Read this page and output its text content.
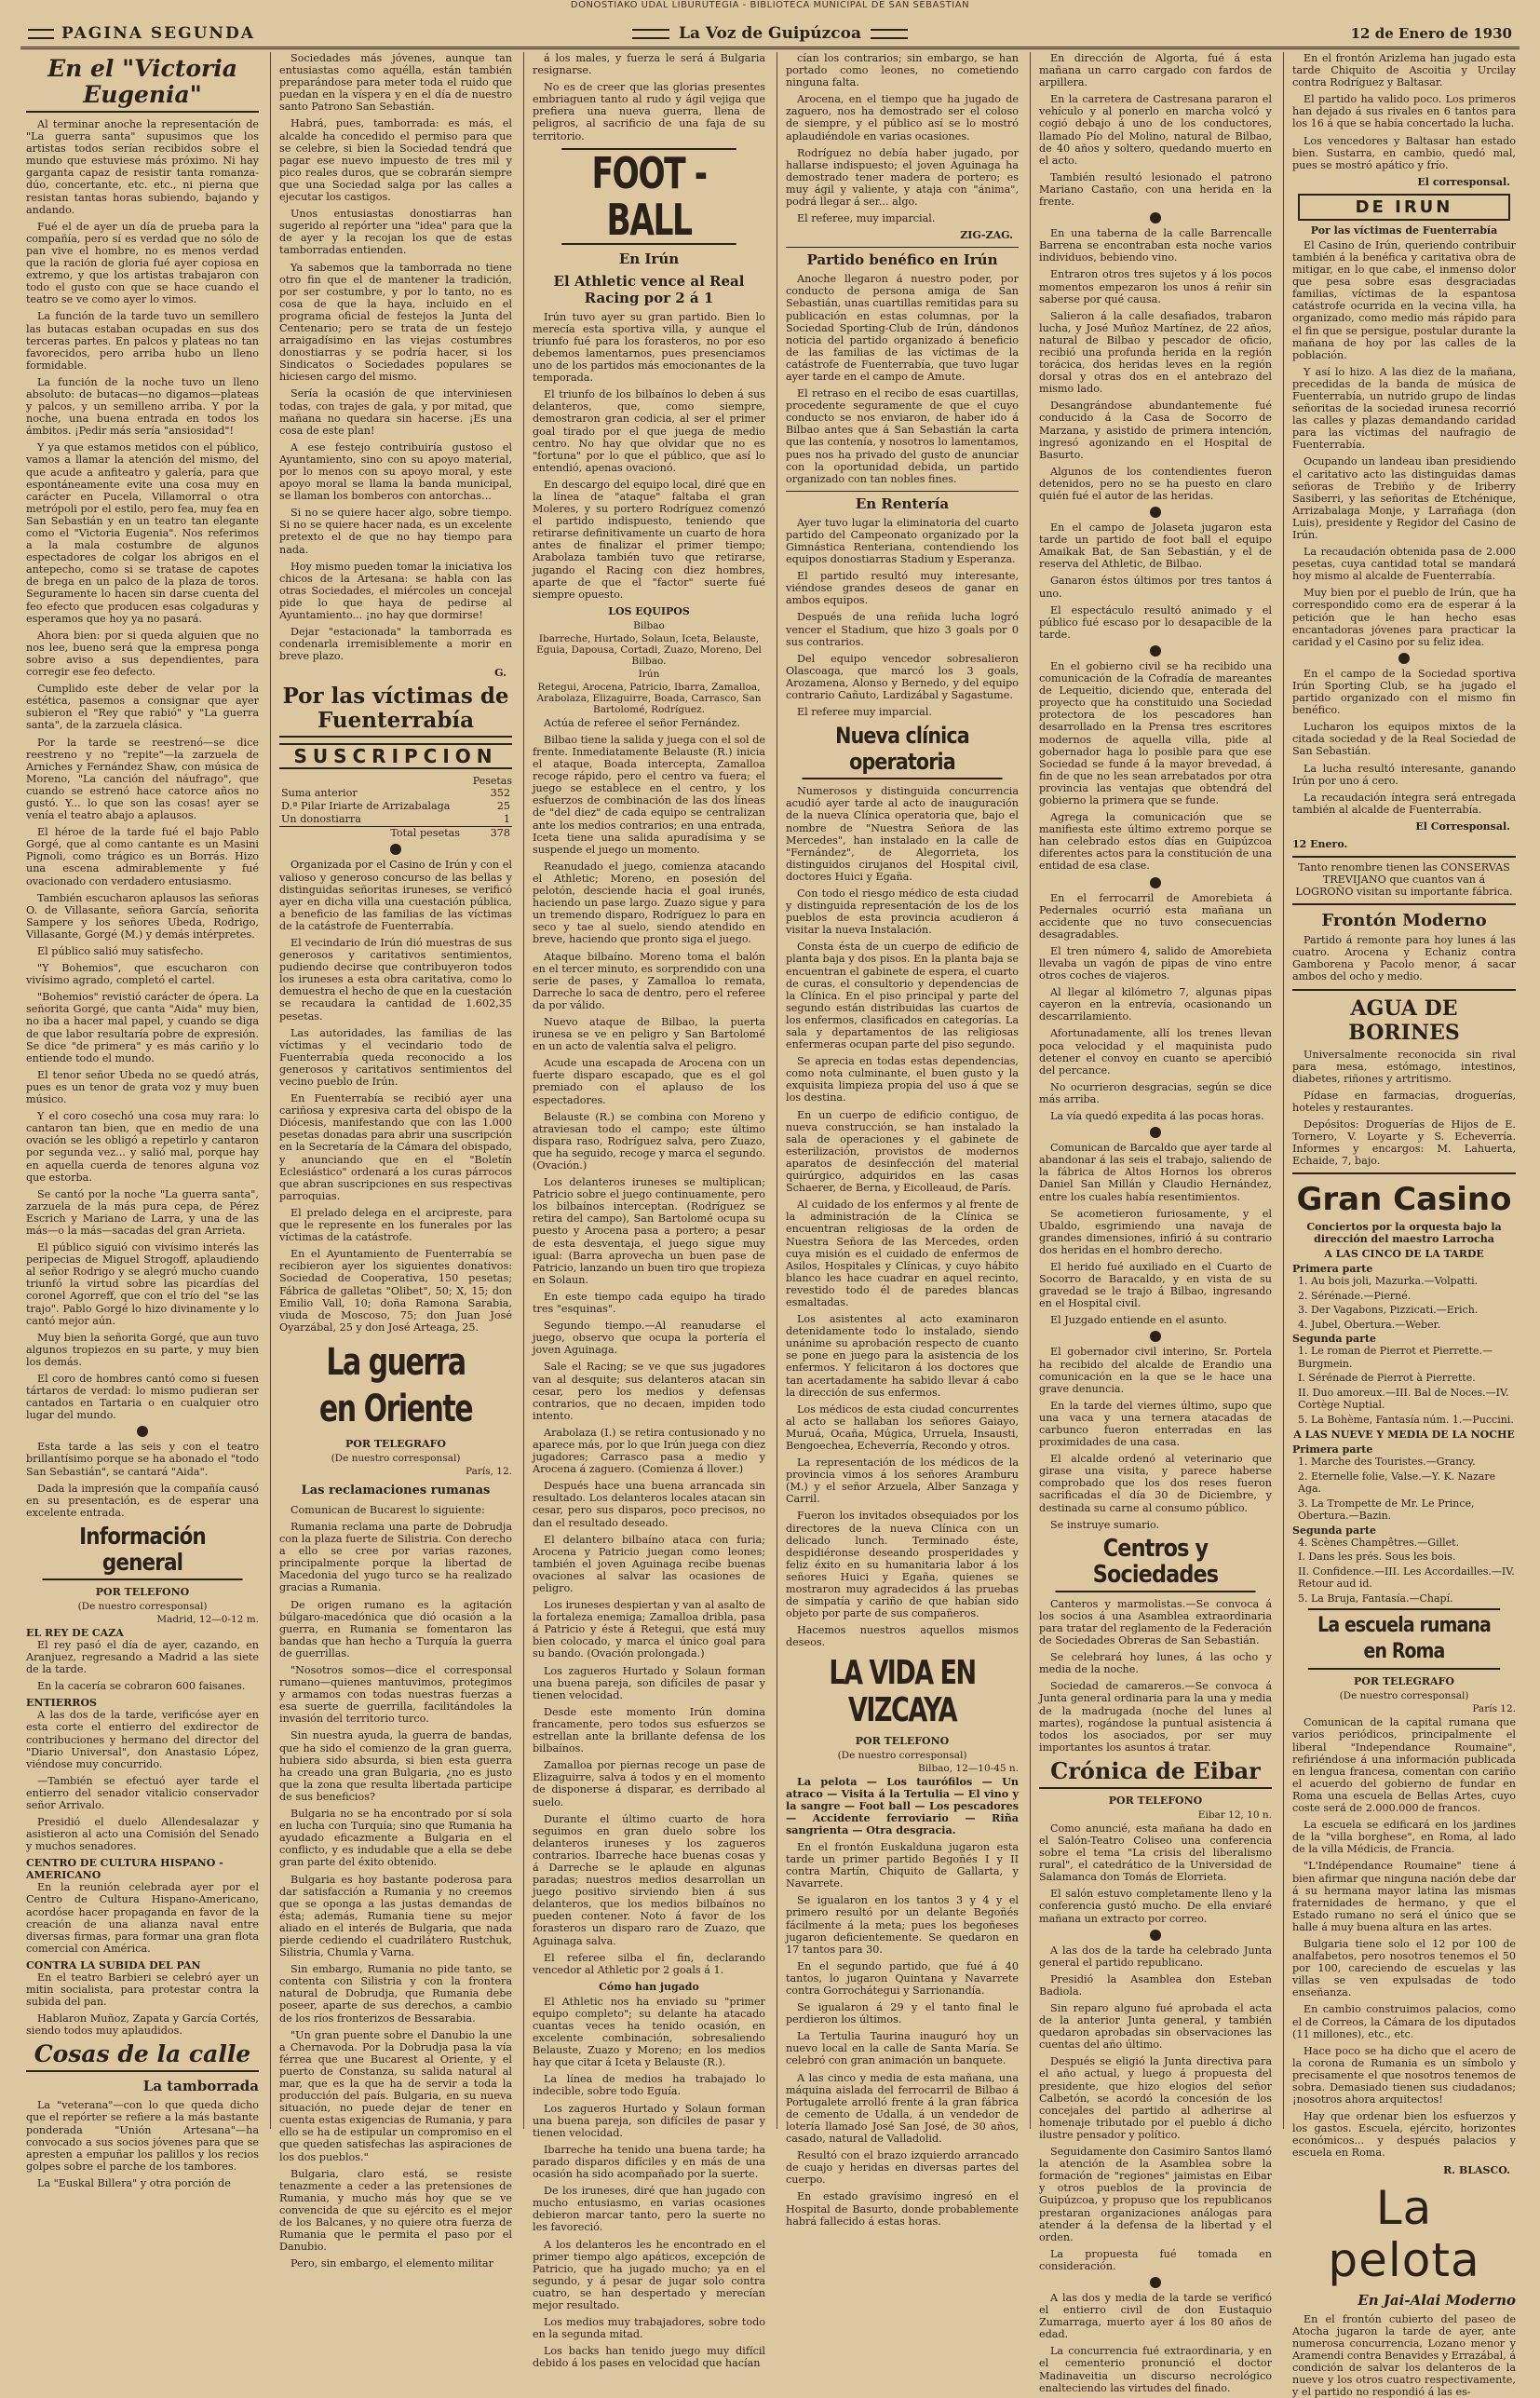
DONOSTIAKO UDAL LIBURUTEGIA - BIBLIOTECA MUNICIPAL DE SAN SEBASTIAN
PAGINA SEGUNDA	La Voz de Guipúzcoa	12 de Enero de 1930
En el "Victoria Eugenia"

Al terminar anoche la representación de "La guerra santa" supusimos que los artistas todos serían recibidos sobre el mundo que estuviese más próximo. Ni hay garganta capaz de resistir tanta romanza-dúo, concertante, etc. etc., ni pierna que resistan tantas horas subiendo, bajando y andando.

Fué el de ayer un día de prueba para la compañía, pero sí es verdad que no sólo de pan vive el hombre, no es menos verdad que la ración de gloria fué ayer copiosa en extremo, y que los artistas trabajaron con todo el gusto con que se hace cuando el teatro se ve como ayer lo vimos.

La función de la tarde tuvo un semillero las butacas estaban ocupadas en sus dos terceras partes. En palcos y plateas no tan favorecidos, pero arriba hubo un lleno formidable.

La función de la noche tuvo un lleno absoluto: de butacas—no digamos—plateas y palcos, y un semilleno arriba. Y por la noche, una buena entrada en todos los ámbitos. ¡Pedir más sería "ansiosidad"!

Y ya que estamos metidos con el público, vamos a llamar la atención del mismo, del que acude a anfiteatro y galería, para que espontáneamente evite una cosa muy en carácter en Pucela, Villamorral o otra metrópoli por el estilo, pero fea, muy fea en San Sebastián y en un teatro tan elegante como el "Victoria Eugenia". Nos referimos a la mala costumbre de algunos espectadores de colgar los abrigos en el antepecho, como si se tratase de capotes de brega en un palco de la plaza de toros. Seguramente lo hacen sin darse cuenta del feo efecto que producen esas colgaduras y esperamos que hoy ya no pasará.

Ahora bien: por si queda alguien que no nos lee, bueno será que la empresa ponga sobre aviso a sus dependientes, para corregir ese feo defecto.

Cumplido este deber de velar por la estética, pasemos a consignar que ayer subieron el "Rey que rabió" y "La guerra santa", de la zarzuela clásica.

Por la tarde se reestrenó—se dice reestreno y no "repite"—la zarzuela de Arniches y Fernández Shaw, con música de Moreno, "La canción del náufrago", que cuando se estrenó hace catorce años no gustó. Y... lo que son las cosas! ayer se venía el teatro abajo a aplausos.

El héroe de la tarde fué el bajo Pablo Gorgé, que al como cantante es un Masini Pignoli, como trágico es un Borrás. Hizo una escena admirablemente y fué ovacionado con verdadero entusiasmo.

También escucharon aplausos las señoras O. de Villasante, señora García, señorita Sampere y los señores Ubeda, Rodrigo, Villasante, Gorgé (M.) y demás intérpretes.

El público salió muy satisfecho.

"Y Bohemios", que escucharon con vivísimo agrado, completó el cartel.

"Bohemios" revistió carácter de ópera. La señorita Gorgé, que canta "Aida" muy bien, no iba a hacer mal papel, y cuando se diga de que labor resultaría pobre de expresión. Se dice "de primera" y es más cariño y lo entiende todo el mundo.

El tenor señor Ubeda no se quedó atrás, pues es un tenor de grata voz y muy buen músico.

Y el coro cosechó una cosa muy rara: lo cantaron tan bien, que en medio de una ovación se les obligó a repetirlo y cantaron por segunda vez... y salió mal, porque hay en aquella cuerda de tenores alguna voz que estorba.

Se cantó por la noche "La guerra santa", zarzuela de la más pura cepa, de Pérez Escrich y Mariano de Larra, y una de las más—o la más—sacadas del gran Arrieta.

El público siguió con vivísimo interés las peripecias de Miguel Strogoff, aplaudiendo al señor Rodrigo y se alegró mucho cuando triunfó la virtud sobre las picardías del coronel Agorreff, que con el trío del "se las trajo". Pablo Gorgé lo hizo divinamente y lo cantó mejor aún.

Muy bien la señorita Gorgé, que aun tuvo algunos tropiezos en su parte, y muy bien los demás.

El coro de hombres cantó como si fuesen tártaros de verdad: lo mismo pudieran ser cantados en Tartaria o en cualquier otro lugar del mundo.

Esta tarde a las seis y con el teatro brillantísimo porque se ha abonado el "todo San Sebastián", se cantará "Aida".

Dada la impresión que la compañía causó en su presentación, es de esperar una excelente entrada.

Información general
POR TELEFONO
(De nuestro corresponsal)
Madrid, 12—0-12 m.
EL REY DE CAZA

El rey pasó el día de ayer, cazando, en Aranjuez, regresando a Madrid a las siete de la tarde.

En la cacería se cobraron 600 faisanes.

ENTIERROS

A las dos de la tarde, verificóse ayer en esta corte el entierro del exdirector de contribuciones y hermano del director del "Diario Universal", don Anastasio López, viéndose muy concurrido.

—También se efectuó ayer tarde el entierro del senador vitalicio conservador señor Arrivalo.

Presidió el duelo Allendesalazar y asistieron al acto una Comisión del Senado y muchos senadores.

CENTRO DE CULTURA HISPANO - AMERICANO

En la reunión celebrada ayer por el Centro de Cultura Hispano-Americano, acordóse hacer propaganda en favor de la creación de una alianza naval entre diversas firmas, para formar una gran flota comercial con América.

CONTRA LA SUBIDA DEL PAN

En el teatro Barbieri se celebró ayer un mitin socialista, para protestar contra la subida del pan.

Hablaron Muñoz, Zapata y García Cortés, siendo todos muy aplaudidos.

Cosas de la calle
La tamborrada

La "veterana"—con lo que queda dicho que el repórter se refiere a la más bastante ponderada "Unión Artesana"—ha convocado a sus socios jóvenes para que se apresten a empuñar los palillos y los recios golpes sobre el parche de los tambores.

La "Euskal Billera" y otra porción de

Sociedades más jóvenes, aunque tan entusiastas como aquélla, están también preparándose para meter toda el ruido que puedan en la víspera y en el día de nuestro santo Patrono San Sebastián.

Habrá, pues, tamborrada: es más, el alcalde ha concedido el permiso para que se celebre, si bien la Sociedad tendrá que pagar ese nuevo impuesto de tres mil y pico reales duros, que se cobrarán siempre que una Sociedad salga por las calles a ejecutar los castigos.

Unos entusiastas donostiarras han sugerido al repórter una "idea" para que la de ayer y la recojan los que de estas tamborradas entienden.

Ya sabemos que la tamborrada no tiene otro fin que el de mantener la tradición, por ser costumbre, y por lo tanto, no es cosa de que la haya, incluido en el programa oficial de festejos la Junta del Centenario; pero se trata de un festejo arraigadísimo en las viejas costumbres donostiarras y se podría hacer, si los Sindicatos o Sociedades populares se hiciesen cargo del mismo.

Sería la ocasión de que interviniesen todas, con trajes de gala, y por mitad, que mañana no quedara sin hacerse. ¡Es una cosa de este plan!

A ese festejo contribuiría gustoso el Ayuntamiento, sino con su apoyo material, por lo menos con su apoyo moral, y este apoyo moral se llama la banda municipal, se llaman los bomberos con antorchas...

Si no se quiere hacer algo, sobre tiempo. Si no se quiere hacer nada, es un excelente pretexto el de que no hay tiempo para nada.

Hoy mismo pueden tomar la iniciativa los chicos de la Artesana: se habla con las otras Sociedades, el miércoles un concejal pide lo que haya de pedirse al Ayuntamiento... ¡no hay que dormirse!

Dejar "estacionada" la tamborrada es condenarla irremisiblemente a morir en breve plazo.

G.
Por las víctimas de Fuenterrabía
SUSCRIPCION
Pesetas
Suma anterior	352
D.ª Pilar Iriarte de Arrizabalaga	25
Un donostiarra	1
Total pesetas	378

Organizada por el Casino de Irún y con el valioso y generoso concurso de las bellas y distinguidas señoritas iruneses, se verificó ayer en dicha villa una cuestación pública, a beneficio de las familias de las víctimas de la catástrofe de Fuenterrabía.

El vecindario de Irún dió muestras de sus generosos y caritativos sentimientos, pudiendo decirse que contribuyeron todos los iruneses a esta obra caritativa, como lo demuestra el hecho de que en la cuestación se recaudara la cantidad de 1.602,35 pesetas.

Las autoridades, las familias de las víctimas y el vecindario todo de Fuenterrabía queda reconocido a los generosos y caritativos sentimientos del vecino pueblo de Irún.

En Fuenterrabía se recibió ayer una cariñosa y expresiva carta del obispo de la Diócesis, manifestando que con las 1.000 pesetas donadas para abrir una suscripción en la Secretaría de la Cámara del obispado, y anunciando que en el "Boletín Eclesiástico" ordenará a los curas párrocos que abran suscripciones en sus respectivas parroquias.

El prelado delega en el arcipreste, para que le represente en los funerales por las víctimas de la catástrofe.

En el Ayuntamiento de Fuenterrabía se recibieron ayer los siguientes donativos: Sociedad de Cooperativa, 150 pesetas; Fábrica de galletas "Olibet", 50; X, 15; don Emilio Vall, 10; doña Ramona Sarabia, viuda de Moscoso, 75; don Juan José Oyarzábal, 25 y don José Arteaga, 25.

La guerra en Oriente
POR TELEGRAFO
(De nuestro corresponsal)
París, 12.
Las reclamaciones rumanas

Comunican de Bucarest lo siguiente:

Rumania reclama una parte de Dobrudja con la plaza fuerte de Silistria. Con derecho a ello se cree por varias razones, principalmente porque la libertad de Macedonia del yugo turco se ha realizado gracias a Rumania.

De origen rumano es la agitación búlgaro-macedónica que dió ocasión a la guerra, en Rumania se fomentaron las bandas que han hecho a Turquía la guerra de guerrillas.

"Nosotros somos—dice el corresponsal rumano—quienes mantuvimos, protegimos y armamos con todas nuestras fuerzas a esa suerte de guerrilla, facilitándoles la invasión del territorio turco.

Sin nuestra ayuda, la guerra de bandas, que ha sido el comienzo de la gran guerra, hubiera sido absurda, si bien esta guerra ha creado una gran Bulgaria, ¿no es justo que la zona que resulta libertada participe de sus beneficios?

Bulgaria no se ha encontrado por sí sola en lucha con Turquía; sino que Rumania ha ayudado eficazmente a Bulgaria en el conflicto, y es indudable que a ella se debe gran parte del éxito obtenido.

Bulgaria es hoy bastante poderosa para dar satisfacción a Rumania y no creemos que se oponga a las justas demandas de ésta; además, Rumania tiene su mejor aliado en el interés de Bulgaria, que nada pierde cediendo el cuadrilátero Rustchuk, Silistria, Chumla y Varna.

Sin embargo, Rumania no pide tanto, se contenta con Silistria y con la frontera natural de Dobrudja, que Rumania debe poseer, aparte de sus derechos, a cambio de los ríos fronterizos de Bessarabia.

"Un gran puente sobre el Danubio la une a Chernavoda. Por la Dobrudja pasa la vía férrea que une Bucarest al Oriente, y el puerto de Constanza, su salida natural al mar, que es la que ha de servir a toda la producción del país. Bulgaria, en su nueva situación, no puede dejar de tener en cuenta estas exigencias de Rumania, y para ello se ha de estipular un compromiso en el que queden satisfechas las aspiraciones de los dos pueblos."

Bulgaria, claro está, se resiste tenazmente a ceder a las pretensiones de Rumania, y mucho más hoy que se ve convencida de que su ejército es el mejor de los Balcanes, y no quiere otra fuerza de Rumania que le permita el paso por el Danubio.

Pero, sin embargo, el elemento militar

á los males, y fuerza le será á Bulgaria resignarse.

No es de creer que las glorias presentes embriaguen tanto al rudo y ágil vejiga que prefiera una nueva guerra, llena de peligros, al sacrificio de una faja de su territorio.

FOOT - BALL
En Irún
El Athletic vence al Real Racing por 2 á 1

Irún tuvo ayer su gran partido. Bien lo merecía esta sportiva villa, y aunque el triunfo fué para los forasteros, no por eso debemos lamentarnos, pues presenciamos uno de los partidos más emocionantes de la temporada.

El triunfo de los bilbaínos lo deben á sus delanteros, que, como siempre, demostraron gran codicia, al ser el primer goal tirado por el que juega de medio centro. No hay que olvidar que no es "fortuna" por lo que el público, que así lo entendió, apenas ovacionó.

En descargo del equipo local, diré que en la línea de "ataque" faltaba el gran Moleres, y su portero Rodríguez comenzó el partido indispuesto, teniendo que retirarse definitivamente un cuarto de hora antes de finalizar el primer tiempo; Arabolaza también tuvo que retirarse, jugando el Racing con diez hombres, aparte de que el "factor" suerte fué siempre opuesto.

LOS EQUIPOS
Bilbao
Ibarreche, Hurtado, Solaun, Iceta, Belauste, Eguia, Dapousa, Cortadi, Zuazo, Moreno, Del Bilbao.
Irún
Retegui, Arocena, Patricio, Ibarra, Zamalloa, Arabolaza, Elizaguirre, Boada, Carrasco, San Bartolomé, Rodríguez.

Actúa de referee el señor Fernández.

Bilbao tiene la salida y juega con el sol de frente. Inmediatamente Belauste (R.) inicia el ataque, Boada intercepta, Zamalloa recoge rápido, pero el centro va fuera; el juego se establece en el centro, y los esfuerzos de combinación de las dos líneas de "del diez" de cada equipo se centralizan ante los medios contrarios; en una entrada, Iceta tiene una salida apuradísima y se suspende el juego un momento.

Reanudado el juego, comienza atacando el Athletic; Moreno, en posesión del pelotón, desciende hacia el goal irunés, haciendo un pase largo. Zuazo sigue y para un tremendo disparo, Rodríguez lo para en seco y tae al suelo, siendo atendido en breve, haciendo que pronto siga el juego.

Ataque bilbaíno. Moreno toma el balón en el tercer minuto, es sorprendido con una serie de pases, y Zamalloa lo remata, Darreche lo saca de dentro, pero el referee da por válido.

Nuevo ataque de Bilbao, la puerta irunesa se ve en peligro y San Bartolomé en un acto de valentía salva el peligro.

Acude una escapada de Arocena con un fuerte disparo escapado, que es el gol premiado con el aplauso de los espectadores.

Belauste (R.) se combina con Moreno y atraviesan todo el campo; este último dispara raso, Rodríguez salva, pero Zuazo, que ha seguido, recoge y marca el segundo. (Ovación.)

Los delanteros iruneses se multiplican; Patricio sobre el juego continuamente, pero los bilbaínos interceptan. (Rodríguez se retira del campo), San Bartolomé ocupa su puesto y Arocena pasa a portero; a pesar de esta desventaja, el juego sigue muy igual: (Barra aprovecha un buen pase de Patricio, lanzando un buen tiro que tropieza en Solaun.

En este tiempo cada equipo ha tirado tres "esquinas".

Segundo tiempo.—Al reanudarse el juego, observo que ocupa la portería el joven Aguinaga.

Sale el Racing; se ve que sus jugadores van al desquite; sus delanteros atacan sin cesar, pero los medios y defensas contrarios, que no decaen, impiden todo intento.

Arabolaza (I.) se retira contusionado y no aparece más, por lo que Irún juega con diez jugadores; Carrasco pasa a medio y Arocena á zaguero. (Comienza á llover.)

Después hace una buena arrancada sin resultado. Los delanteros locales atacan sin cesar, pero sus disparos, poco precisos, no dan el resultado deseado.

El delantero bilbaíno ataca con furia; Arocena y Patricio juegan como leones; también el joven Aguinaga recibe buenas ovaciones al salvar las ocasiones de peligro.

Los iruneses despiertan y van al asalto de la fortaleza enemiga; Zamalloa dribla, pasa á Patricio y éste á Retegui, que está muy bien colocado, y marca el único goal para su bando. (Ovación prolongada.)

Los zagueros Hurtado y Solaun forman una buena pareja, son difíciles de pasar y tienen velocidad.

Desde este momento Irún domina francamente, pero todos sus esfuerzos se estrellan ante la brillante defensa de los bilbaínos.

Zamalloa por piernas recoge un pase de Elizaguirre, salva á todos y en el momento de disponerse á disparar, es derribado al suelo.

Durante el último cuarto de hora seguimos en gran duelo sobre los delanteros iruneses y los zagueros contrarios. Ibarreche hace buenas cosas y á Darreche se le aplaude en algunas paradas; nuestros medios desarrollan un juego positivo sirviendo bien á sus delanteros, que los medios bilbaínos no pueden contener. Noto á favor de los forasteros un disparo raro de Zuazo, que Aguinaga salva.

El referee silba el fin, declarando vencedor al Athletic por 2 goals á 1.

Cómo han jugado

El Athletic nos ha enviado su "primer equipo completo"; su delante ha atacado cuantas veces ha tenido ocasión, en excelente combinación, sobresaliendo Belauste, Zuazo y Moreno; en los medios hay que citar á Iceta y Belauste (R.).

La línea de medios ha trabajado lo indecible, sobre todo Eguía.

Los zagueros Hurtado y Solaun forman una buena pareja, son difíciles de pasar y tienen velocidad.

Ibarreche ha tenido una buena tarde; ha parado disparos difíciles y en más de una ocasión ha sido acompañado por la suerte.

De los iruneses, diré que han jugado con mucho entusiasmo, en varias ocasiones debieron marcar tanto, pero la suerte no les favoreció.

A los delanteros les he encontrado en el primer tiempo algo apáticos, excepción de Patricio, que ha jugado mucho; ya en el segundo, y á pesar de jugar solo contra cuatro, se han despertado y merecían mejor resultado.

Los medios muy trabajadores, sobre todo en la segunda mitad.

Los backs han tenido juego muy difícil debido á los pases en velocidad que hacían

cían los contrarios; sin embargo, se han portado como leones, no cometiendo ninguna falta.

Arocena, en el tiempo que ha jugado de zaguero, nos ha demostrado ser el coloso de siempre, y el público así se lo mostró aplaudiéndole en varias ocasiones.

Rodríguez no debía haber jugado, por hallarse indispuesto; el joven Aguinaga ha demostrado tener madera de portero; es muy ágil y valiente, y ataja con "ánima", podrá llegar á ser... algo.

El referee, muy imparcial.

ZIG-ZAG.
Partido benéfico en Irún

Anoche llegaron á nuestro poder, por conducto de persona amiga de San Sebastián, unas cuartillas remitidas para su publicación en estas columnas, por la Sociedad Sporting-Club de Irún, dándonos noticia del partido organizado á beneficio de las familias de las víctimas de la catástrofe de Fuenterrabía, que tuvo lugar ayer tarde en el campo de Amute.

El retraso en el recibo de esas cuartillas, procedente seguramente de que el cuyo conducto se nos enviaron, de haber ido á Bilbao antes que á San Sebastián la carta que las contenía, y nosotros lo lamentamos, pues nos ha privado del gusto de anunciar con la oportunidad debida, un partido organizado con tan nobles fines.

En Rentería

Ayer tuvo lugar la eliminatoria del cuarto partido del Campeonato organizado por la Gimnástica Renteriana, contendiendo los equipos donostiarras Stadium y Esperanza.

El partido resultó muy interesante, viéndose grandes deseos de ganar en ambos equipos.

Después de una reñida lucha logró vencer el Stadium, que hizo 3 goals por 0 sus contrarios.

Del equipo vencedor sobresalieron Olascoaga, que marcó los 3 goals, Arozamena, Alonso y Bernedo, y del equipo contrario Cañuto, Lardizábal y Sagastume.

El referee muy imparcial.

Nueva clínica operatoria

Numerosos y distinguida concurrencia acudió ayer tarde al acto de inauguración de la nueva Clínica operatoria que, bajo el nombre de "Nuestra Señora de las Mercedes", han instalado en la calle de "Fernández", de Alegorrieta, los distinguidos cirujanos del Hospital civil, doctores Huici y Egaña.

Con todo el riesgo médico de esta ciudad y distinguida representación de los de los pueblos de esta provincia acudieron á visitar la nueva Instalación.

Consta ésta de un cuerpo de edificio de planta baja y dos pisos. En la planta baja se encuentran el gabinete de espera, el cuarto de curas, el consultorio y dependencias de la Clínica. En el piso principal y parte del segundo están distribuidas las cuartos de los enfermos, clasificados en categorías. La sala y departamentos de las religiosas enfermeras ocupan parte del piso segundo.

Se aprecia en todas estas dependencias, como nota culminante, el buen gusto y la exquisita limpieza propia del uso á que se los destina.

En un cuerpo de edificio contiguo, de nueva construcción, se han instalado la sala de operaciones y el gabinete de esterilización, provistos de modernos aparatos de desinfección del material quirúrgico, adquiridos en las casas Schaerer, de Berna, y Eicolleaud, de París.

Al cuidado de los enfermos y al frente de la administración de la Clínica se encuentran religiosas de la orden de Nuestra Señora de las Mercedes, orden cuya misión es el cuidado de enfermos de Asilos, Hospitales y Clínicas, y cuyo hábito blanco les hace cuadrar en aquel recinto, revestido todo él de paredes blancas esmaltadas.

Los asistentes al acto examinaron detenidamente todo lo instalado, siendo unánime su aprobación respecto de cuanto se pone en juego para la asistencia de los enfermos. Y felicitaron á los doctores que tan acertadamente ha sabido llevar á cabo la dirección de sus enfermos.

Los médicos de esta ciudad concurrentes al acto se hallaban los señores Gaiayo, Muruá, Ocaña, Múgica, Urruela, Insausti, Bengoechea, Echeverría, Recondo y otros.

La representación de los médicos de la provincia vimos á los señores Aramburu (M.) y el señor Arzuela, Alber Sanzaga y Carril.

Fueron los invitados obsequiados por los directores de la nueva Clínica con un delicado lunch. Terminado éste, despidiéronse deseando prosperidades y feliz éxito en su humanitaria labor á los señores Huici y Egaña, quienes se mostraron muy agradecidos á las pruebas de simpatía y cariño de que habían sido objeto por parte de sus compañeros.

Hacemos nuestros aquellos mismos deseos.

LA VIDA EN VIZCAYA
POR TELEFONO
(De nuestro corresponsal)
Bilbao, 12—10-45 n.

La pelota — Los taurófilos — Un atraco — Visita á la Tertulia — El vino y la sangre — Foot ball — Los pescadores — Accidente ferroviario — Riña sangrienta — Otra desgracia.

En el frontón Euskalduna jugaron esta tarde un primer partido Begoñés I y II contra Martín, Chiquito de Gallarta, y Navarrete.

Se igualaron en los tantos 3 y 4 y el primero resultó por un delante Begoñés fácilmente á la meta; pues los begoñeses jugaron deficientemente. Se quedaron en 17 tantos para 30.

En el segundo partido, que fué á 40 tantos, lo jugaron Quintana y Navarrete contra Gorrochátegui y Sarrionandía.

Se igualaron á 29 y el tanto final le perdieron los últimos.

La Tertulia Taurina inauguró hoy un nuevo local en la calle de Santa María. Se celebró con gran animación un banquete.

A las cinco y media de esta mañana, una máquina aislada del ferrocarril de Bilbao á Portugalete arrolló frente á la gran fábrica de cemento de Udalla, á un vendedor de lotería llamado José San José, de 30 años, casado, natural de Valladolid.

Resultó con el brazo izquierdo arrancado de cuajo y heridas en diversas partes del cuerpo.

En estado gravísimo ingresó en el Hospital de Basurto, donde probablemente habrá fallecido á estas horas.

En dirección de Algorta, fué á esta mañana un carro cargado con fardos de arpillera.

En la carretera de Castresana pararon el vehículo y al ponerlo en marcha volcó y cogió debajo á uno de los conductores, llamado Pío del Molino, natural de Bilbao, de 40 años y soltero, quedando muerto en el acto.

También resultó lesionado el patrono Mariano Castaño, con una herida en la frente.

En una taberna de la calle Barrencalle Barrena se encontraban esta noche varios individuos, bebiendo vino.

Entraron otros tres sujetos y á los pocos momentos empezaron los unos á reñir sin saberse por qué causa.

Salieron á la calle desafiados, trabaron lucha, y José Muñoz Martínez, de 22 años, natural de Bilbao y pescador de oficio, recibió una profunda herida en la región torácica, dos heridas leves en la región dorsal y otras dos en el antebrazo del mismo lado.

Desangrándose abundantemente fué conducido á la Casa de Socorro de Marzana, y asistido de primera intención, ingresó agonizando en el Hospital de Basurto.

Algunos de los contendientes fueron detenidos, pero no se ha puesto en claro quién fué el autor de las heridas.

En el campo de Jolaseta jugaron esta tarde un partido de foot ball el equipo Amaikak Bat, de San Sebastián, y el de reserva del Athletic, de Bilbao.

Ganaron éstos últimos por tres tantos á uno.

El espectáculo resultó animado y el público fué escaso por lo desapacible de la tarde.

En el gobierno civil se ha recibido una comunicación de la Cofradía de mareantes de Lequeitio, diciendo que, enterada del proyecto que ha constituido una Sociedad protectora de los pescadores han desarrollado en la Prensa tres escritores modernos de aquella villa, pide al gobernador haga lo posible para que ese Sociedad se funde á la mayor brevedad, á fin de que no les sean arrebatados por otra provincia las ventajas que obtendrá del gobierno la primera que se funde.

Agrega la comunicación que se manifiesta este último extremo porque se han celebrado estos días en Guipúzcoa diferentes actos para la constitución de una entidad de esa clase.

En el ferrocarril de Amorebieta á Pedernales ocurrió esta mañana un accidente que no tuvo consecuencias desagradables.

El tren número 4, salido de Amorebieta llevaba un vagón de pipas de vino entre otros coches de viajeros.

Al llegar al kilómetro 7, algunas pipas cayeron en la entrevía, ocasionando un descarrilamiento.

Afortunadamente, allí los trenes llevan poca velocidad y el maquinista pudo detener el convoy en cuanto se apercibió del percance.

No ocurrieron desgracias, según se dice más arriba.

La vía quedó expedita á las pocas horas.

Comunican de Barcaldo que ayer tarde al abandonar á las seis el trabajo, saliendo de la fábrica de Altos Hornos los obreros Daniel San Millán y Claudio Hernández, entre los cuales había resentimientos.

Se acometieron furiosamente, y el Ubaldo, esgrimiendo una navaja de grandes dimensiones, infirió á su contrario dos heridas en el hombro derecho.

El herido fué auxiliado en el Cuarto de Socorro de Baracaldo, y en vista de su gravedad se le trajo á Bilbao, ingresando en el Hospital civil.

El Juzgado entiende en el asunto.

El gobernador civil interino, Sr. Portela ha recibido del alcalde de Erandio una comunicación en la que se le hace una grave denuncia.

En la tarde del viernes último, supo que una vaca y una ternera atacadas de carbunco fueron enterradas en las proximidades de una casa.

El alcalde ordenó al veterinario que girase una visita, y parece haberse comprobado que los dos reses fueron sacrificadas el día 30 de Diciembre, y destinada su carne al consumo público.

Se instruye sumario.

Centros y Sociedades

Canteros y marmolistas.—Se convoca á los socios á una Asamblea extraordinaria para tratar del reglamento de la Federación de Sociedades Obreras de San Sebastián.

Se celebrará hoy lunes, á las ocho y media de la noche.

Sociedad de camareros.—Se convoca á Junta general ordinaria para la una y media de la madrugada (noche del lunes al martes), rogándose la puntual asistencia á todos los asociados, por ser muy importantes los asuntos á tratar.

Crónica de Eibar
POR TELEFONO
Eibar 12, 10 n.

Como anuncié, esta mañana ha dado en el Salón-Teatro Coliseo una conferencia sobre el tema "La crisis del liberalismo rural", el catedrático de la Universidad de Salamanca don Tomás de Elorrieta.

El salón estuvo completamente lleno y la conferencia gustó mucho. De ella enviaré mañana un extracto por correo.

A las dos de la tarde ha celebrado Junta general el partido republicano.

Presidió la Asamblea don Esteban Badiola.

Sin reparo alguno fué aprobada el acta de la anterior Junta general, y también quedaron aprobadas sin observaciones las cuentas del año último.

Después se eligió la Junta directiva para el año actual, y luego á propuesta del presidente, que hizo elogios del señor Calbetón, se acordó la concesión de los concejales del partido al adherirse al homenaje tributado por el pueblo á dicho ilustre pensador y político.

Seguidamente don Casimiro Santos llamó la atención de la Asamblea sobre la formación de "regiones" jaimistas en Eibar y otros pueblos de la provincia de Guipúzcoa, y propuso que los republicanos prestaran organizaciones análogas para atender á la defensa de la libertad y el orden.

La propuesta fué tomada en consideración.

A las dos y media de la tarde se verificó el entierro civil de don Eustaquio Zumarraga, muerto ayer á los 80 años de edad.

La concurrencia fué extraordinaria, y en el cementerio pronunció el doctor Madinaveitia un discurso necrológico enalteciendo las virtudes del finado.

En el frontón Arizlema han jugado esta tarde Chiquito de Ascoitia y Urcilay contra Rodríguez y Baltasar.

El partido ha valido poco. Los primeros han dejado á sus rivales en 6 tantos para los 16 á que se había concertado la lucha.

Los vencedores y Baltasar han estado bien. Sustarra, en cambio, quedó mal, pues se mostró apático y frío.

El corresponsal.
DE IRUN
Por las víctimas de Fuenterrabía

El Casino de Irún, queriendo contribuir también á la benéfica y caritativa obra de mitigar, en lo que cabe, el inmenso dolor que pesa sobre esas desgraciadas familias, víctimas de la espantosa catástrofe ocurrida en la vecina villa, ha organizado, como medio más rápido para el fin que se persigue, postular durante la mañana de hoy por las calles de la población.

Y así lo hizo. A las diez de la mañana, precedidas de la banda de música de Fuenterrabía, un nutrido grupo de lindas señoritas de la sociedad irunesa recorrió las calles y plazas demandando caridad para las víctimas del naufragio de Fuenterrabía.

Ocupando un landeau iban presidiendo el caritativo acto las distinguidas damas señoras de Trebiño y de Iriberry Sasiberri, y las señoritas de Etchénique, Arrizabalaga Monje, y Larrañaga (don Luis), presidente y Regidor del Casino de Irún.

La recaudación obtenida pasa de 2.000 pesetas, cuya cantidad total se mandará hoy mismo al alcalde de Fuenterrabía.

Muy bien por el pueblo de Irún, que ha correspondido como era de esperar á la petición que le han hecho esas encantadoras jóvenes para practicar la caridad y el Casino por su feliz idea.

En el campo de la Sociedad sportiva Irún Sporting Club, se ha jugado el partido organizado con el mismo fin benéfico.

Lucharon los equipos mixtos de la citada sociedad y de la Real Sociedad de San Sebastián.

La lucha resultó interesante, ganando Irún por uno á cero.

La recaudación íntegra será entregada también al alcalde de Fuenterrabía.

El Corresponsal.
12 Enero.

Tanto renombre tienen las CONSERVAS TREVIJANO que cuantos van á LOGROÑO visitan su importante fábrica.

Frontón Moderno

Partido á remonte para hoy lunes á las cuatro. Arocena y Echaniz contra Gamborena y Pacolo menor, á sacar ambos del ocho y medio.

AGUA DE BORINES

Universalmente reconocida sin rival para mesa, estómago, intestinos, diabetes, riñones y artritismo.

Pídase en farmacias, droguerías, hoteles y restaurantes.

Depósitos: Droguerías de Hijos de E. Tornero, V. Loyarte y S. Echeverría. Informes y encargos: M. Lahuerta, Echaide, 7, bajo.

Gran Casino
Conciertos por la orquesta bajo la dirección del maestro Larrocha
A LAS CINCO DE LA TARDE
Primera parte
1. Au bois joli, Mazurka.—Volpatti.
2. Sérénade.—Pierné.
3. Der Vagabons, Pizzicati.—Erich.
4. Jubel, Obertura.—Weber.
Segunda parte
1. Le roman de Pierrot et Pierrette.—Burgmein.
I. Sérénade de Pierrot à Pierrette.
II. Duo amoreux.—III. Bal de Noces.—IV. Cortège Nuptial.
5. La Bohème, Fantasía núm. 1.—Puccini.
A LAS NUEVE Y MEDIA DE LA NOCHE
Primera parte
1. Marche des Touristes.—Grancy.
2. Eternelle folie, Valse.—Y. K. Nazare Aga.
3. La Trompette de Mr. Le Prince, Obertura.—Bazin.
Segunda parte
4. Scènes Champêtres.—Gillet.
I. Dans les prés. Sous les bois.
II. Confidence.—III. Les Accordailles.—IV. Retour aud id.
5. La Bruja, Fantasía.—Chapí.
La escuela rumana en Roma
POR TELEGRAFO
(De nuestro corresponsal)
París 12.

Comunican de la capital rumana que varios periódicos, principalmente el liberal "Independance Roumaine", refiriéndose á una información publicada en lengua francesa, comentan con cariño el acuerdo del gobierno de fundar en Roma una escuela de Bellas Artes, cuyo coste será de 2.000.000 de francos.

La escuela se edificará en los jardines de la "villa borghese", en Roma, al lado de la villa Médicis, de Francia.

"L'Indépendance Roumaine" tiene á bien afirmar que ninguna nación debe dar á su hermana mayor latina las mismas fraternidades de hermano, y que el Estado rumano no será el único que se halle á muy buena altura en las artes.

Bulgaria tiene solo el 12 por 100 de analfabetos, pero nosotros tenemos el 50 por 100, careciendo de escuelas y las villas se ven expulsadas de todo enseñanza.

En cambio construimos palacios, como el de Correos, la Cámara de los diputados (11 millones), etc., etc.

Hace poco se ha dicho que el acero de la corona de Rumania es un símbolo y precisamente el que nosotros tenemos de sobra. Demasiado tienen sus ciudadanos; ¡nosotros ahora arquitectos!

Hay que ordenar bien los esfuerzos y los gastos. Escuela, ejército, horizontes económicos... y después palacios y escuela en Roma.

R. BLASCO.
La pelota
En Jai-Alai Moderno

En el frontón cubierto del paseo de Atocha jugaron la tarde de ayer, ante numerosa concurrencia, Lozano menor y Aramendi contra Benavides y Errazábal, á condición de salvar los delanteros de la nueve y los otros cuatro respectivamente, y el partido no respondió á las es-
